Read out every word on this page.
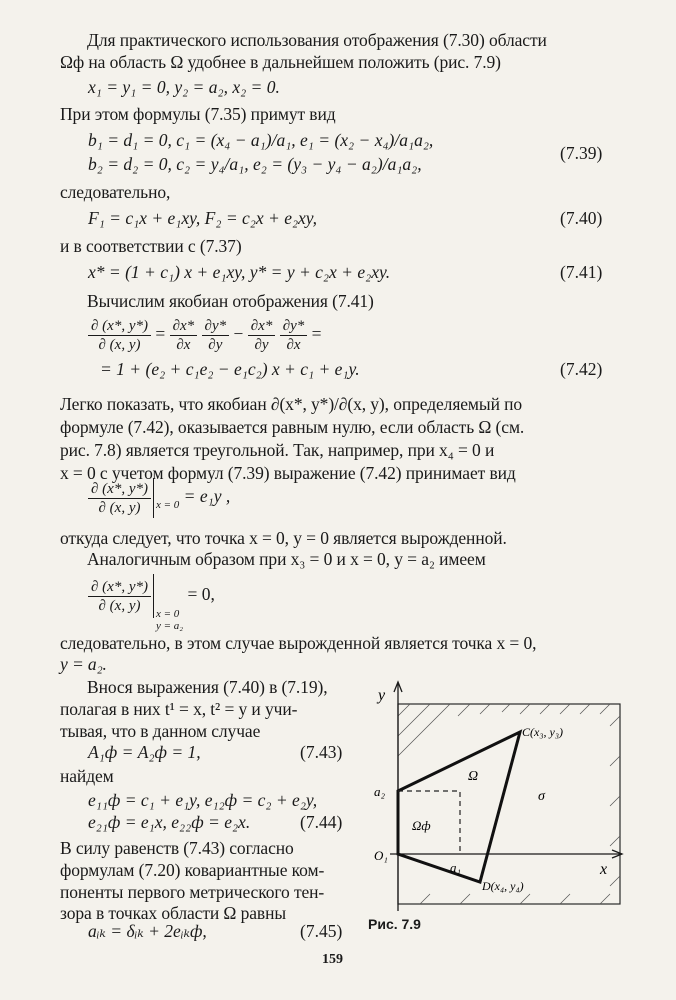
Для практического использования отображения (7.30) области
Ωф на область Ω удобнее в дальнейшем положить (рис. 7.9)
x₁ = y₁ = 0, y₂ = a₂, x₂ = 0.
При этом формулы (7.35) примут вид
b₁ = d₁ = 0, c₁ = (x₄ − a₁)/a₁, e₁ = (x₂ − x₄)/a₁a₂,
b₂ = d₂ = 0, c₂ = y₄/a₁, e₂ = (y₃ − y₄ − a₂)/a₁a₂,
(7.39)
следовательно,
F₁ = c₁x + e₁xy, F₂ = c₂x + e₂xy,	(7.40)
и в соответствии с (7.37)
x* = (1 + c₁) x + e₁xy, y* = y + c₂x + e₂xy.	(7.41)
Вычислим якобиан отображения (7.41)
$\frac{\partial (x*, y*)}{\partial (x, y)} = \frac{\partial x*}{\partial x}$
$\frac{\partial y*}{\partial y} - \frac{\partial x*}{\partial y}$
$\frac{\partial y*}{\partial x}$ =
= 1 + (e₂ + c₁e₂ − e₁c₂) x + c₁ + e₁y.	(7.42)
Легко показать, что якобиан ∂(x*, y*)/∂(x, y), определяемый по
формуле (7.42), оказывается равным нулю, если область Ω (см.
рис. 7.8) является треугольной. Так, например, при x₄ = 0 и
x = 0 с учетом формул (7.39) выражение (7.42) принимает вид
$\frac{\partial (x*, y*)}{\partial (x, y)}$ x = 0 = e₁y ,
откуда следует, что точка x = 0, y = 0 является вырожденной.
Аналогичным образом при x₃ = 0 и x = 0, y = a₂ имеем
$\frac{\partial (x*, y*)}{\partial (x, y)}$ x = 0
y = a₂
= 0,
следовательно, в этом случае вырожденной является точка x = 0,
y = a₂.
Внося выражения (7.40) в (7.19),
полагая в них t¹ = x, t² = y и учи-
тывая, что в данном случае
A₁ф = A₂ф = 1,	(7.43)
найдем
e₁₁ф = c₁ + e₁y, e₁₂ф = c₂ + e₂y,
e₂₁ф = e₁x, e₂₂ф = e₂x.	(7.44)
В силу равенств (7.43) согласно
формулам (7.20) ковариантные ком-
поненты первого метрического тен-
зора в точках области Ω равны
aᵢₖ = δᵢₖ + 2eᵢₖф,	(7.45)
y
x
a₂
O₁
a₁
C(x₃, y₃)
D(x₄, y₄)
Ω
Ωф
σ
Рис. 7.9
159
